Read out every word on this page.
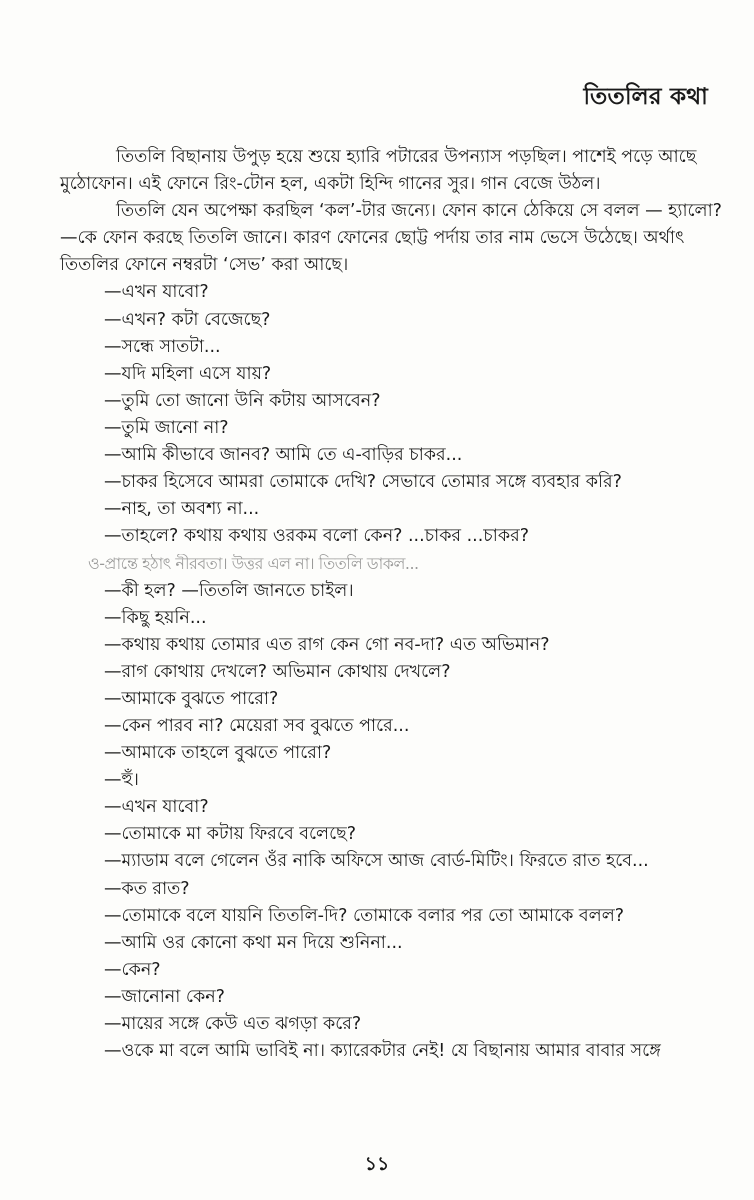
তিতলির কথা

তিতলি বিছানায় উপুড় হয়ে শুয়ে হ্যারি পটারের উপন্যাস পড়ছিল। পাশেই পড়ে আছে
মুঠোফোন। এই ফোনে রিং-টোন হল, একটা হিন্দি গানের সুর। গান বেজে উঠল।

তিতলি যেন অপেক্ষা করছিল ‘কল’-টার জন্যে। ফোন কানে ঠেকিয়ে সে বলল — হ্যালো?
—কে ফোন করছে তিতলি জানে। কারণ ফোনের ছোট্ট পর্দায় তার নাম ভেসে উঠেছে। অর্থাৎ
তিতলির ফোনে নম্বরটা ‘সেভ’ করা আছে।

—এখন যাবো?

—এখন? কটা বেজেছে?

—সন্ধে সাতটা...

—যদি মহিলা এসে যায়?

—তুমি তো জানো উনি কটায় আসবেন?

—তুমি জানো না?

—আমি কীভাবে জানব? আমি তে এ-বাড়ির চাকর...

—চাকর হিসেবে আমরা তোমাকে দেখি? সেভাবে তোমার সঙ্গে ব্যবহার করি?

—নাহ, তা অবশ্য না...

—তাহলে? কথায় কথায় ওরকম বলো কেন? ...চাকর ...চাকর?

ও-প্রান্তে হঠাৎ নীরবতা। উত্তর এল না। তিতলি ডাকল...

—কী হল? —তিতলি জানতে চাইল।

—কিছু হয়নি...

—কথায় কথায় তোমার এত রাগ কেন গো নব-দা? এত অভিমান?

—রাগ কোথায় দেখলে? অভিমান কোথায় দেখলে?

—আমাকে বুঝতে পারো?

—কেন পারব না? মেয়েরা সব বুঝতে পারে...

—আমাকে তাহলে বুঝতে পারো?

—হুঁ।

—এখন যাবো?

—তোমাকে মা কটায় ফিরবে বলেছে?

—ম্যাডাম বলে গেলেন ওঁর নাকি অফিসে আজ বোর্ড-মিটিং। ফিরতে রাত হবে...

—কত রাত?

—তোমাকে বলে যায়নি তিতলি-দি? তোমাকে বলার পর তো আমাকে বলল?

—আমি ওর কোনো কথা মন দিয়ে শুনিনা...

—কেন?

—জানোনা কেন?

—মায়ের সঙ্গে কেউ এত ঝগড়া করে?

—ওকে মা বলে আমি ভাবিই না। ক্যারেকটার নেই! যে বিছানায় আমার বাবার সঙ্গে

১১
